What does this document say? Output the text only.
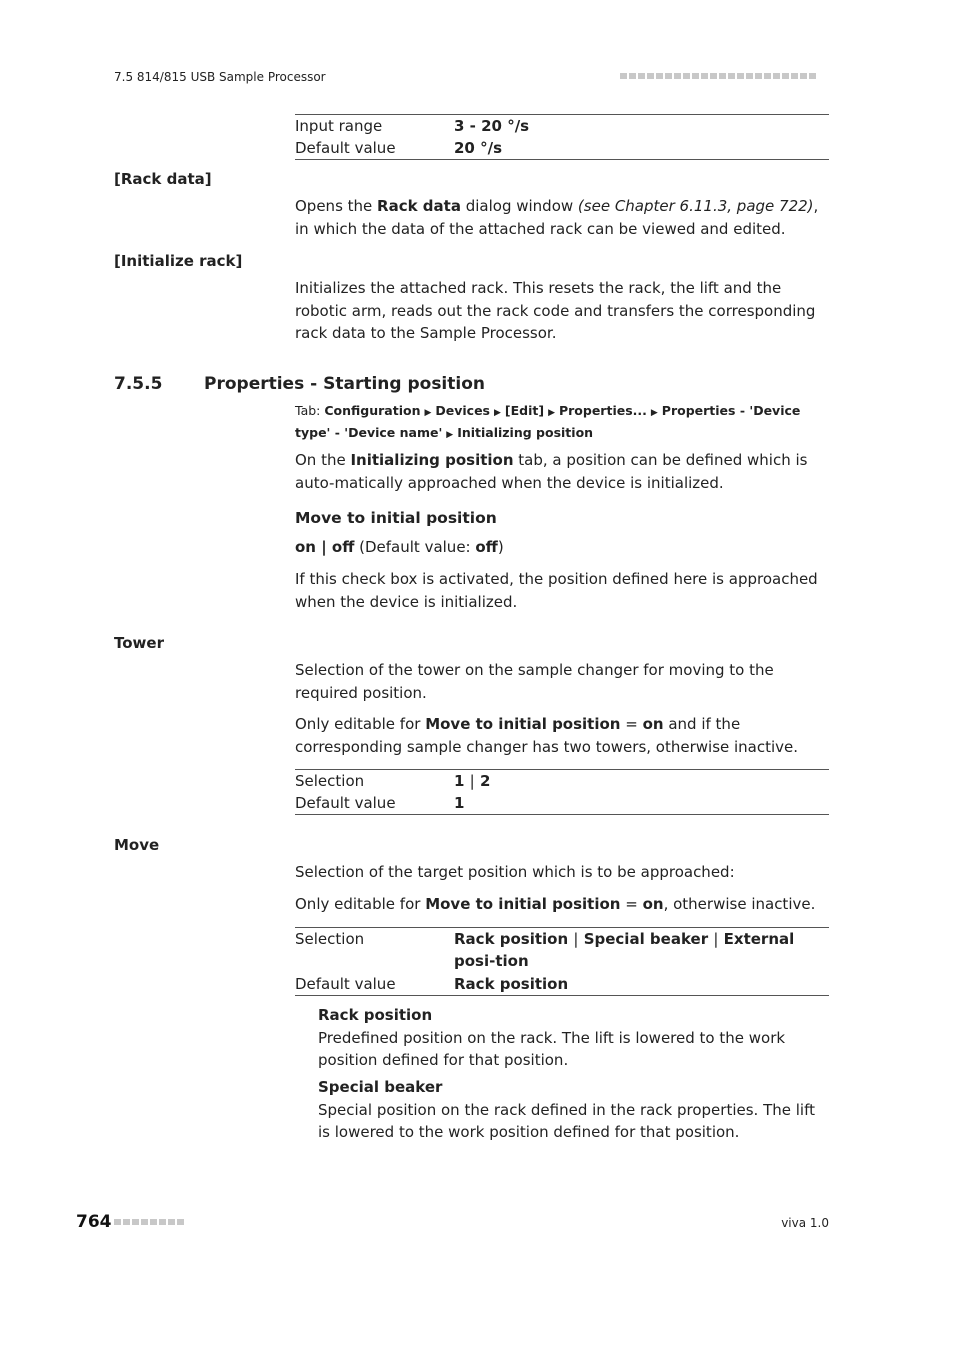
7.5 814/815 USB Sample Processor
Input range	3 - 20 °/s
Default value	20 °/s
[Rack data]
Opens the Rack data dialog window (see Chapter 6.11.3, page 722), in which the data of the attached rack can be viewed and edited.
[Initialize rack]
Initializes the attached rack. This resets the rack, the lift and the robotic arm, reads out the rack code and transfers the corresponding rack data to the Sample Processor.
7.5.5 Properties - Starting position
Tab: Configuration ▶ Devices ▶ [Edit] ▶ Properties... ▶ Properties - 'Device type' - 'Device name' ▶ Initializing position
On the Initializing position tab, a position can be defined which is auto-matically approached when the device is initialized.
Move to initial position
on | off (Default value: off)
If this check box is activated, the position defined here is approached when the device is initialized.
Tower
Selection of the tower on the sample changer for moving to the required position.
Only editable for Move to initial position = on and if the corresponding sample changer has two towers, otherwise inactive.
Selection	1 | 2
Default value	1
Move
Selection of the target position which is to be approached:
Only editable for Move to initial position = on, otherwise inactive.
Selection	Rack position | Special beaker | External posi-tion
Default value	Rack position
Rack position
Predefined position on the rack. The lift is lowered to the work position defined for that position.
Special beaker
Special position on the rack defined in the rack properties. The lift is lowered to the work position defined for that position.
764	viva 1.0
